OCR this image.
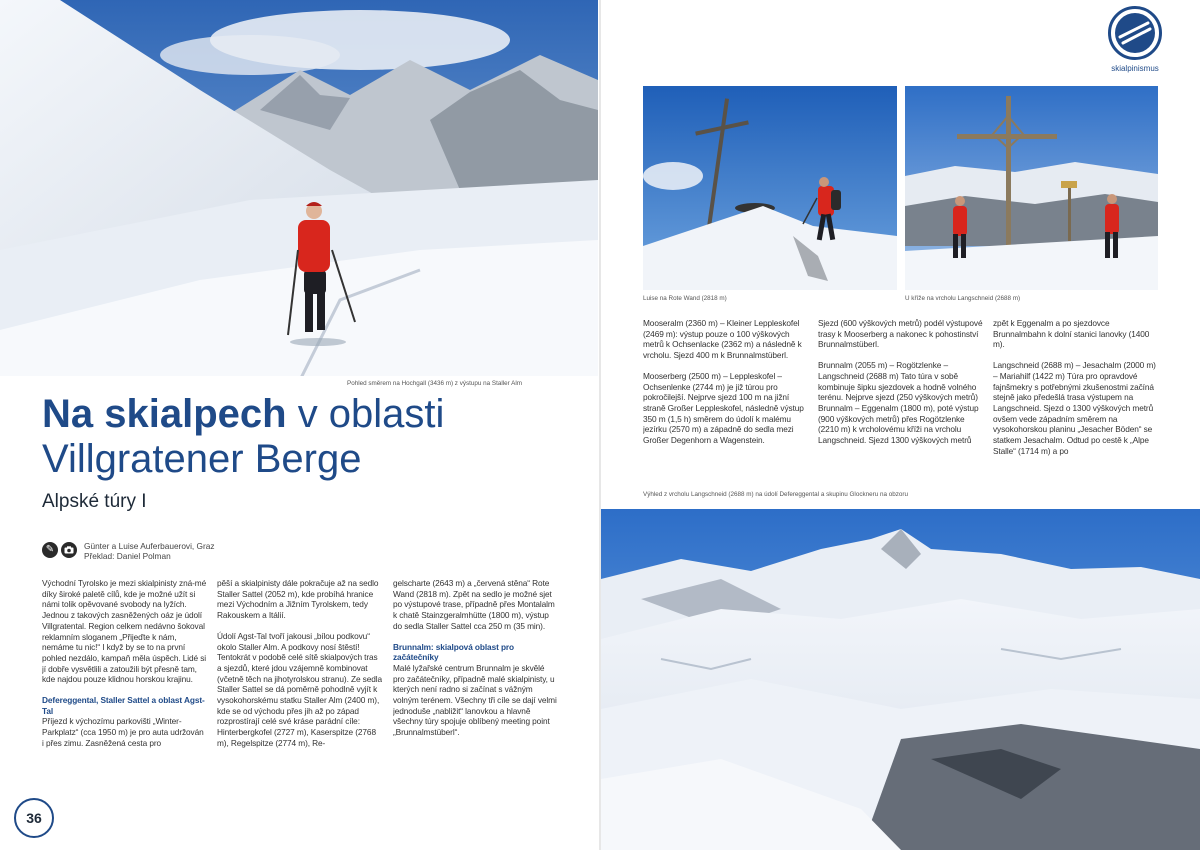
Pohled směrem na Hochgall (3436 m) z výstupu na Staller Alm
Na skialpech v oblasti
Villgratener Berge
Alpské túry I
✎	Günter a Luise Auferbauerovi, Graz
Překlad: Daniel Polman

Východní Tyrolsko je mezi skialpinisty zná-mé díky široké paletě cílů, kde je možné užít si námi tolik opěvované svobody na lyžích. Jednou z takových zasněžených oáz je údolí Villgratental. Region celkem nedávno šokoval reklamním sloganem „Přijeďte k nám, nemáme tu nic!“ I když by se to na první pohled nezdálo, kampaň měla úspěch. Lidé si jí dobře vysvětlili a zatoužili být přesně tam, kde najdou pouze klidnou horskou krajinu.

Defereggental, Staller Sattel a oblast Agst-Tal

Příjezd k výchozímu parkovišti „Winter-Parkplatz“ (cca 1950 m) je pro auta udržován i přes zimu. Zasněžená cesta pro

pěší a skialpinisty dále pokračuje až na sedlo Staller Sattel (2052 m), kde probíhá hranice mezi Východním a Jižním Tyrolskem, tedy Rakouskem a Itálií.

Údolí Agst-Tal tvoří jakousi „bílou podkovu“ okolo Staller Alm. A podkovy nosí štěstí! Tentokrát v podobě celé sítě skialpových tras a sjezdů, které jdou vzájemně kombinovat (včetně těch na jihotyrolskou stranu). Ze sedla Staller Sattel se dá poměrně pohodlně vyjít k vysokohorskému statku Staller Alm (2400 m), kde se od východu přes jih až po západ rozprostírají celé své krásе parádní cíle: Hinterbergkofel (2727 m), Kaserspitze (2768 m), Regelspitze (2774 m), Re-

gelscharte (2643 m) a „červená stěna“ Rote Wand (2818 m). Zpět na sedlo je možné sjet po výstupové trase, případně přes Montalalm k chatě Stainzgeralmhütte (1800 m), výstup do sedla Staller Sattel cca 250 m (35 min).

Brunnalm: skialpová oblast pro začátečníky

Malé lyžařské centrum Brunnalm je skvělé pro začátečníky, případně malé skialpinisty, u kterých není radno si začínat s vážným volným terénem. Všechny tři cíle se dají velmi jednoduše „nabližit“ lanovkou a hlavně všechny túry spojuje oblíbený meeting point „Brunnalmstüberl“.

36
skialpinismus
Luise na Rote Wand (2818 m)	U kříže na vrcholu Langschneid (2688 m)

Mooseralm (2360 m) – Kleiner Leppleskofel (2469 m): výstup pouze o 100 výškových metrů k Ochsenlacke (2362 m) a následně k vrcholu. Sjezd 400 m k Brunnalmstüberl.

Mooserberg (2500 m) – Leppleskofel – Ochsenlenke (2744 m) je již túrou pro pokročilejší. Nejprve sjezd 100 m na jižní straně Großer Leppleskofel, následně výstup 350 m (1,5 h) směrem do údolí k malému jezírku (2570 m) a západně do sedla mezi Großer Degenhorn a Wagenstein.

Sjezd (600 výškových metrů) podél výstupové trasy k Mooserberg a nakonec k pohostinství Brunnalmstüberl.

Brunnalm (2055 m) – Rogötzlenke – Langschneid (2688 m) Tato túra v sobě kombinuje šipku sjezdovek a hodně volného terénu. Nejprve sjezd (250 výškových metrů) Brunnalm – Eggenalm (1800 m), poté výstup (900 výškových metrů) přes Rogötzlenke (2210 m) k vrcholovému kříži na vrcholu Langschneid. Sjezd 1300 výškových metrů

zpět k Eggenalm a po sjezdovce Brunnalmbahn k dolní stanici lanovky (1400 m).

Langschneid (2688 m) – Jesachalm (2000 m) – Mariahilf (1422 m) Túra pro opravdové fajnšmekry s potřebnými zkušenostmi začíná stejně jako předešlá trasa výstupem na Langschneid. Sjezd o 1300 výškových metrů ovšem vede západním směrem na vysokohorskou planinu „Jesacher Böden“ se statkem Jesachalm. Odtud po cestě k „Alpe Stalle“ (1714 m) a po

Výhled z vrcholu Langschneid (2688 m) na údolí Defereggental a skupinu Glockneru na obzoru
